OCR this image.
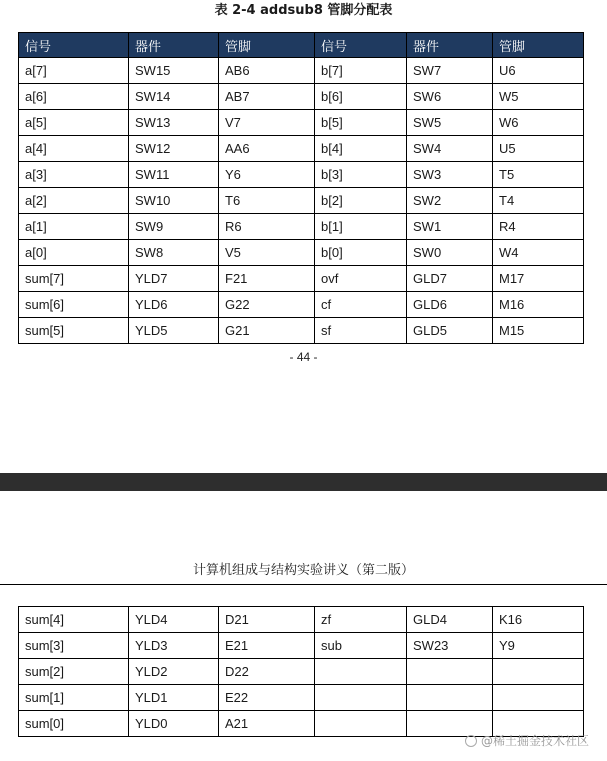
表 2-4 addsub8 管脚分配表
信号	器件	管脚	信号	器件	管脚
a[7]	SW15	AB6	b[7]	SW7	U6
a[6]	SW14	AB7	b[6]	SW6	W5
a[5]	SW13	V7	b[5]	SW5	W6
a[4]	SW12	AA6	b[4]	SW4	U5
a[3]	SW11	Y6	b[3]	SW3	T5
a[2]	SW10	T6	b[2]	SW2	T4
a[1]	SW9	R6	b[1]	SW1	R4
a[0]	SW8	V5	b[0]	SW0	W4
sum[7]	YLD7	F21	ovf	GLD7	M17
sum[6]	YLD6	G22	cf	GLD6	M16
sum[5]	YLD5	G21	sf	GLD5	M15
- 44 -
计算机组成与结构实验讲义（第二版）
sum[4]	YLD4	D21	zf	GLD4	K16
sum[3]	YLD3	E21	sub	SW23	Y9
sum[2]	YLD2	D22			
sum[1]	YLD1	E22			
sum[0]	YLD0	A21			
@稀土掘金技术社区
